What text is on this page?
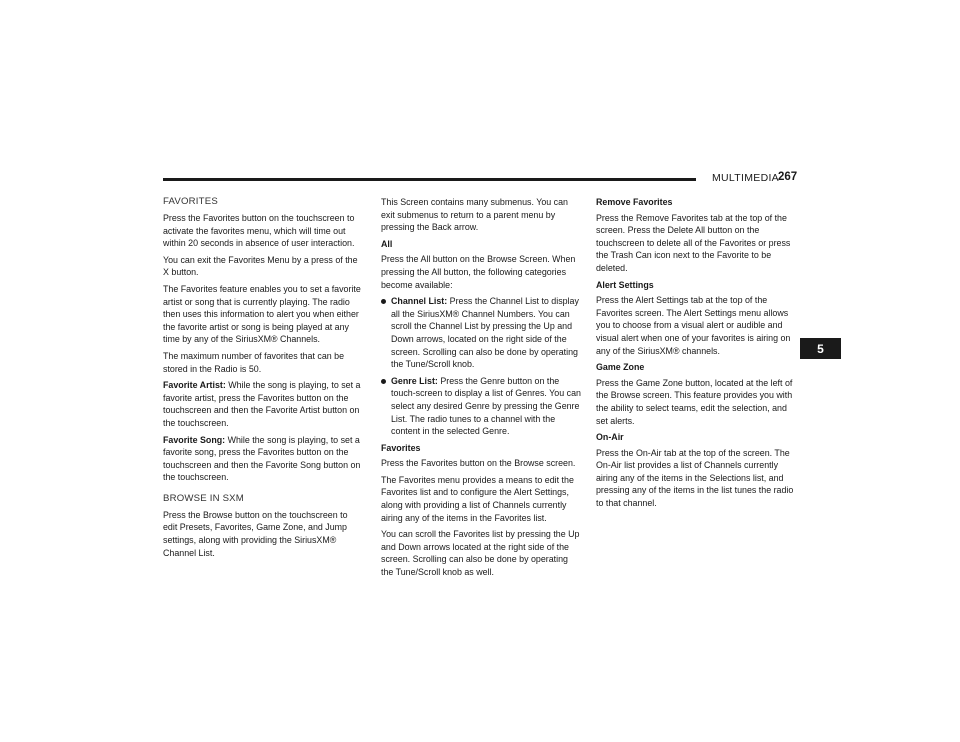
MULTIMEDIA 267
5
FAVORITES

Press the Favorites button on the touchscreen to activate the favorites menu, which will time out within 20 seconds in absence of user interaction.

You can exit the Favorites Menu by a press of the X button.

The Favorites feature enables you to set a favorite artist or song that is currently playing. The radio then uses this information to alert you when either the favorite artist or song is being played at any time by any of the SiriusXM® Channels.

The maximum number of favorites that can be stored in the Radio is 50.

Favorite Artist: While the song is playing, to set a favorite artist, press the Favorites button on the touchscreen and then the Favorite Artist button on the touchscreen.

Favorite Song: While the song is playing, to set a favorite song, press the Favorites button on the touchscreen and then the Favorite Song button on the touchscreen.

BROWSE IN SXM

Press the Browse button on the touchscreen to edit Presets, Favorites, Game Zone, and Jump settings, along with providing the SiriusXM® Channel List.

This Screen contains many submenus. You can exit submenus to return to a parent menu by pressing the Back arrow.

All

Press the All button on the Browse Screen. When pressing the All button, the following categories become available:

Channel List: Press the Channel List to display all the SiriusXM® Channel Numbers. You can scroll the Channel List by pressing the Up and Down arrows, located on the right side of the screen. Scrolling can also be done by operating the Tune/Scroll knob.
Genre List: Press the Genre button on the touch-screen to display a list of Genres. You can select any desired Genre by pressing the Genre List. The radio tunes to a channel with the content in the selected Genre.
Favorites

Press the Favorites button on the Browse screen.

The Favorites menu provides a means to edit the Favorites list and to configure the Alert Settings, along with providing a list of Channels currently airing any of the items in the Favorites list.

You can scroll the Favorites list by pressing the Up and Down arrows located at the right side of the screen. Scrolling can also be done by operating the Tune/Scroll knob as well.

Remove Favorites

Press the Remove Favorites tab at the top of the screen. Press the Delete All button on the touchscreen to delete all of the Favorites or press the Trash Can icon next to the Favorite to be deleted.

Alert Settings

Press the Alert Settings tab at the top of the Favorites screen. The Alert Settings menu allows you to choose from a visual alert or audible and visual alert when one of your favorites is airing on any of the SiriusXM® channels.

Game Zone

Press the Game Zone button, located at the left of the Browse screen. This feature provides you with the ability to select teams, edit the selection, and set alerts.

On-Air

Press the On-Air tab at the top of the screen. The On-Air list provides a list of Channels currently airing any of the items in the Selections list, and pressing any of the items in the list tunes the radio to that channel.
